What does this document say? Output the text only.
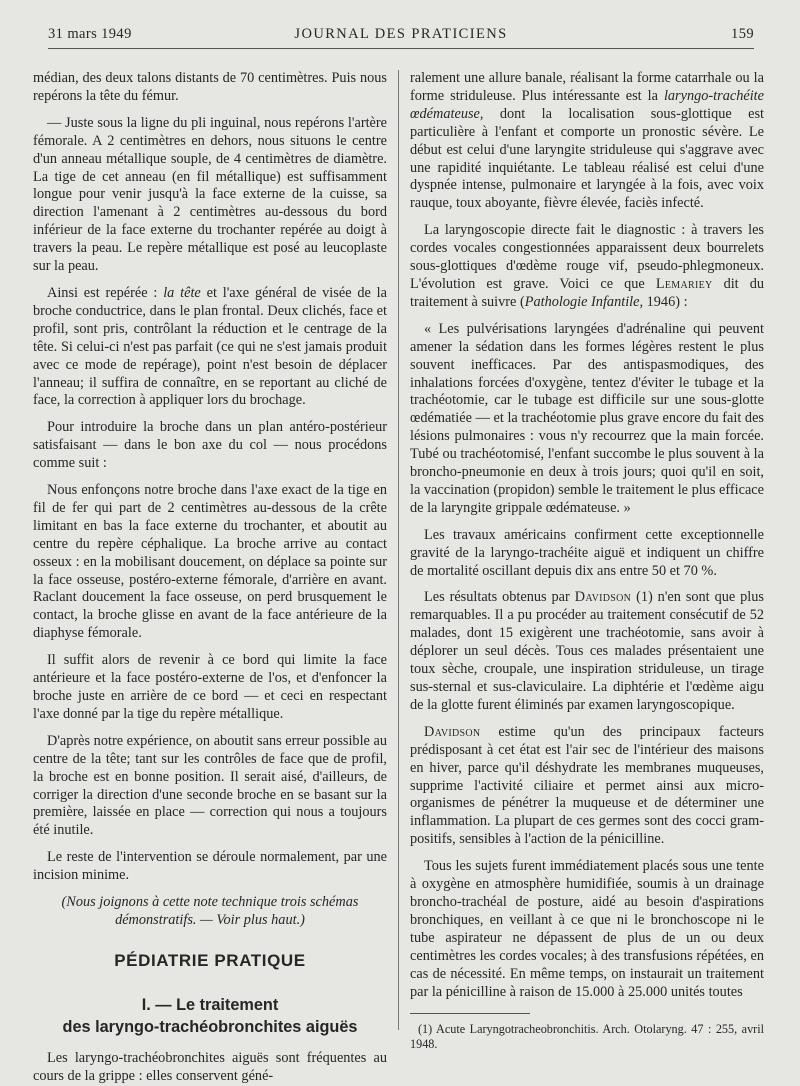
31 mars 1949	JOURNAL DES PRATICIENS	159

médian, des deux talons distants de 70 centimètres. Puis nous repérons la tête du fémur.

— Juste sous la ligne du pli inguinal, nous repérons l'artère fémorale. A 2 centimètres en dehors, nous situons le centre d'un anneau métallique souple, de 4 centimètres de diamètre. La tige de cet anneau (en fil métallique) est suffisamment longue pour venir jusqu'à la face externe de la cuisse, sa direction l'amenant à 2 centimètres au-dessous du bord inférieur de la face externe du trochanter repérée au doigt à travers la peau. Le repère métallique est posé au leucoplaste sur la peau.

Ainsi est repérée : la tête et l'axe général de visée de la broche conductrice, dans le plan frontal. Deux clichés, face et profil, sont pris, contrôlant la réduction et le centrage de la tête. Si celui-ci n'est pas parfait (ce qui ne s'est jamais produit avec ce mode de repérage), point n'est besoin de déplacer l'anneau; il suffira de connaître, en se reportant au cliché de face, la correction à appliquer lors du brochage.

Pour introduire la broche dans un plan antéro-postérieur satisfaisant — dans le bon axe du col — nous procédons comme suit :

Nous enfonçons notre broche dans l'axe exact de la tige en fil de fer qui part de 2 centimètres au-dessous de la crête limitant en bas la face externe du trochanter, et aboutit au centre du repère céphalique. La broche arrive au contact osseux : en la mobilisant doucement, on déplace sa pointe sur la face osseuse, postéro-externe fémorale, d'arrière en avant. Raclant doucement la face osseuse, on perd brusquement le contact, la broche glisse en avant de la face antérieure de la diaphyse fémorale.

Il suffit alors de revenir à ce bord qui limite la face antérieure et la face postéro-externe de l'os, et d'enfoncer la broche juste en arrière de ce bord — et ceci en respectant l'axe donné par la tige du repère métallique.

D'après notre expérience, on aboutit sans erreur possible au centre de la tête; tant sur les contrôles de face que de profil, la broche est en bonne position. Il serait aisé, d'ailleurs, de corriger la direction d'une seconde broche en se basant sur la première, laissée en place — correction qui nous a toujours été inutile.

Le reste de l'intervention se déroule normalement, par une incision minime.

(Nous joignons à cette note technique trois schémas démonstratifs. — Voir plus haut.)

PÉDIATRIE PRATIQUE
I. — Le traitement
des laryngo-trachéobronchites aiguës

Les laryngo-trachéobronchites aiguës sont fréquentes au cours de la grippe : elles conservent géné-

ralement une allure banale, réalisant la forme catarrhale ou la forme striduleuse. Plus intéressante est la laryngo-trachéite œdémateuse, dont la localisation sous-glottique est particulière à l'enfant et comporte un pronostic sévère. Le début est celui d'une laryngite striduleuse qui s'aggrave avec une rapidité inquiétante. Le tableau réalisé est celui d'une dyspnée intense, pulmonaire et laryngée à la fois, avec voix rauque, toux aboyante, fièvre élevée, faciès infecté.

La laryngoscopie directe fait le diagnostic : à travers les cordes vocales congestionnées apparaissent deux bourrelets sous-glottiques d'œdème rouge vif, pseudo-phlegmoneux. L'évolution est grave. Voici ce que Lemariey dit du traitement à suivre (Pathologie Infantile, 1946) :

« Les pulvérisations laryngées d'adrénaline qui peuvent amener la sédation dans les formes légères restent le plus souvent inefficaces. Par des antispasmodiques, des inhalations forcées d'oxygène, tentez d'éviter le tubage et la trachéotomie, car le tubage est difficile sur une sous-glotte œdématiée — et la trachéotomie plus grave encore du fait des lésions pulmonaires : vous n'y recourrez que la main forcée. Tubé ou trachéotomisé, l'enfant succombe le plus souvent à la broncho-pneumonie en deux à trois jours; quoi qu'il en soit, la vaccination (propidon) semble le traitement le plus efficace de la laryngite grippale œdémateuse. »

Les travaux américains confirment cette exceptionnelle gravité de la laryngo-trachéite aiguë et indiquent un chiffre de mortalité oscillant depuis dix ans entre 50 et 70 %.

Les résultats obtenus par Davidson (1) n'en sont que plus remarquables. Il a pu procéder au traitement consécutif de 52 malades, dont 15 exigèrent une trachéotomie, sans avoir à déplorer un seul décès. Tous ces malades présentaient une toux sèche, croupale, une inspiration striduleuse, un tirage sus-sternal et sus-claviculaire. La diphtérie et l'œdème aigu de la glotte furent éliminés par examen laryngoscopique.

Davidson estime qu'un des principaux facteurs prédisposant à cet état est l'air sec de l'intérieur des maisons en hiver, parce qu'il déshydrate les membranes muqueuses, supprime l'activité ciliaire et permet ainsi aux micro-organismes de pénétrer la muqueuse et de déterminer une inflammation. La plupart de ces germes sont des cocci gram-positifs, sensibles à l'action de la pénicilline.

Tous les sujets furent immédiatement placés sous une tente à oxygène en atmosphère humidifiée, soumis à un drainage broncho-trachéal de posture, aidé au besoin d'aspirations bronchiques, en veillant à ce que ni le bronchoscope ni le tube aspirateur ne dépassent de plus de un ou deux centimètres les cordes vocales; à des transfusions répétées, en cas de nécessité. En même temps, on instaurait un traitement par la pénicilline à raison de 15.000 à 25.000 unités toutes

(1) Acute Laryngotracheobronchitis. Arch. Otolaryng. 47 : 255, avril 1948.
